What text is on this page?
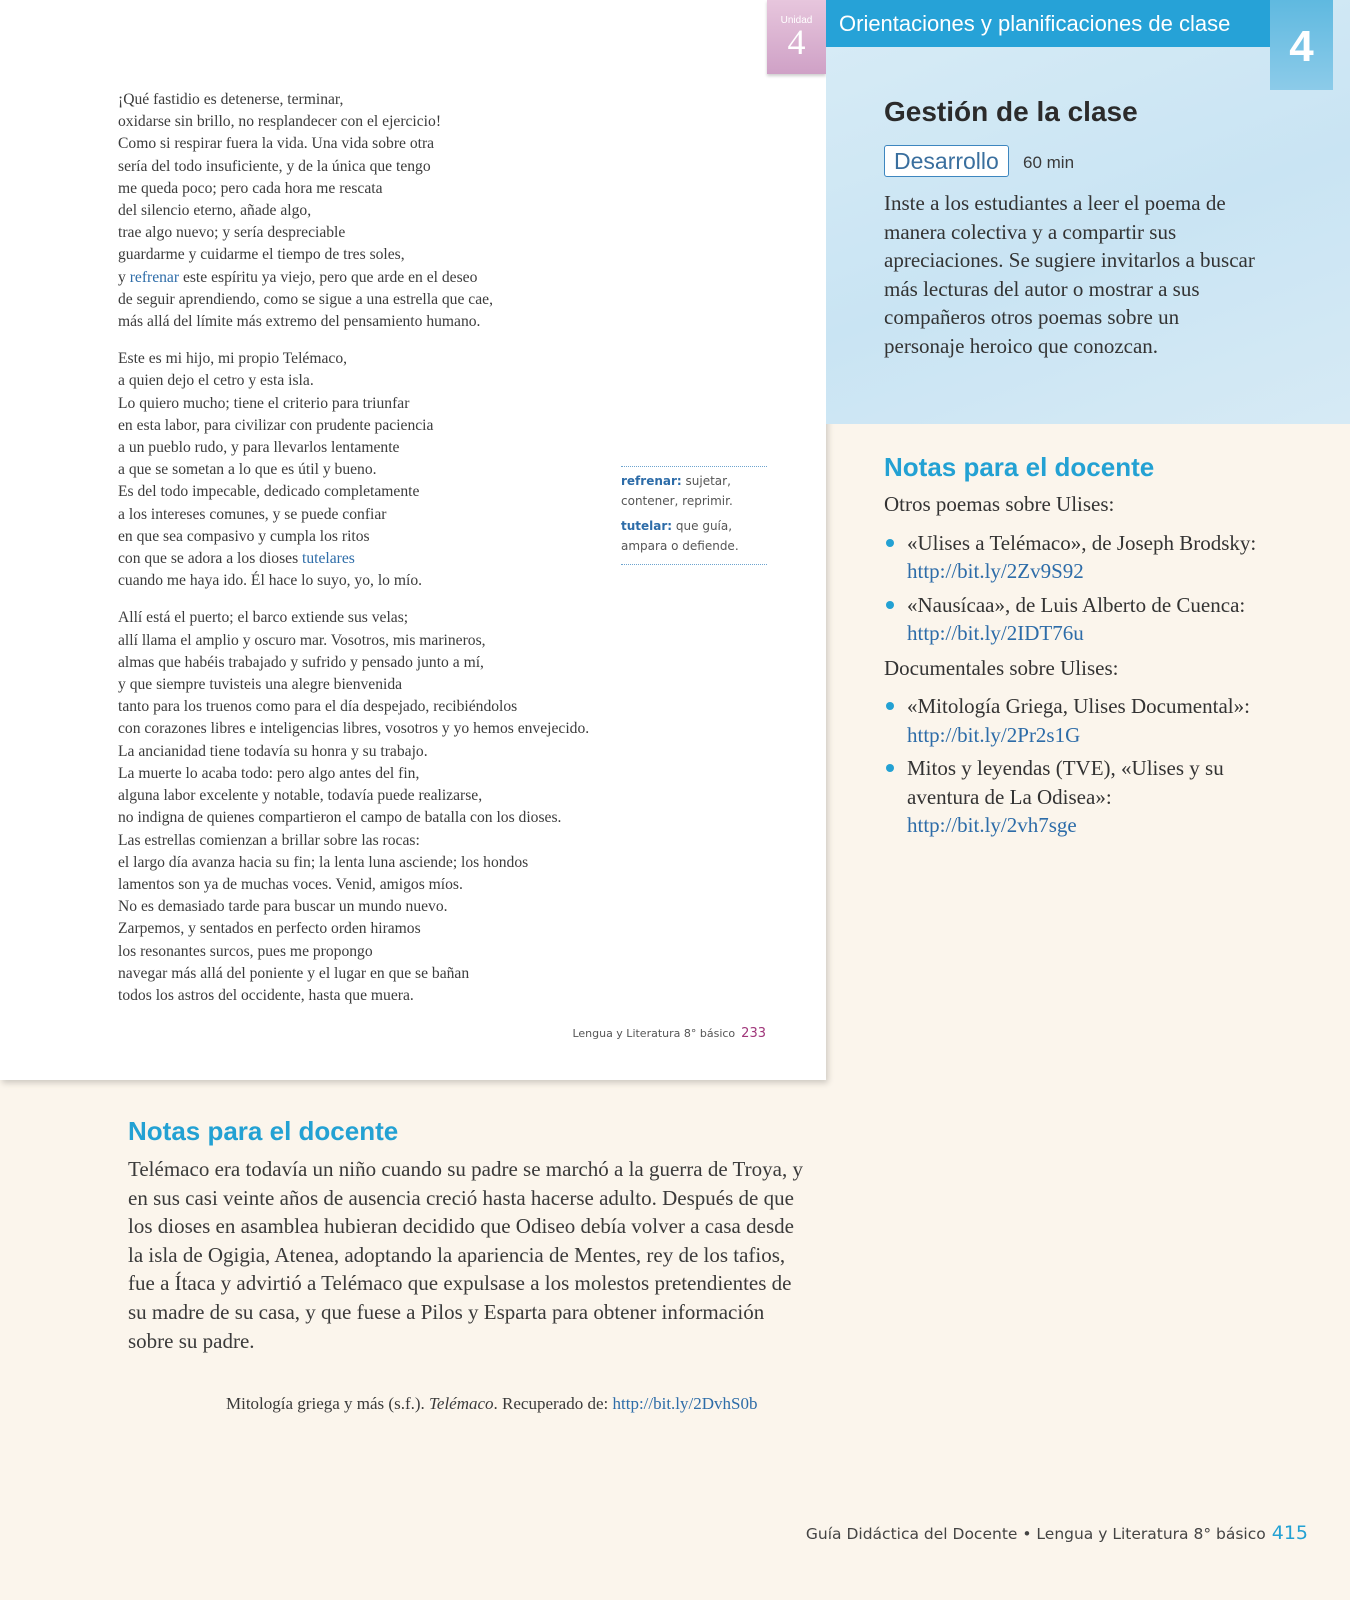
Unidad
4
¡Qué fastidio es detenerse, terminar,
oxidarse sin brillo, no resplandecer con el ejercicio!
Como si respirar fuera la vida. Una vida sobre otra
sería del todo insuficiente, y de la única que tengo
me queda poco; pero cada hora me rescata
del silencio eterno, añade algo,
trae algo nuevo; y sería despreciable
guardarme y cuidarme el tiempo de tres soles,
y refrenar este espíritu ya viejo, pero que arde en el deseo
de seguir aprendiendo, como se sigue a una estrella que cae,
más allá del límite más extremo del pensamiento humano.
Este es mi hijo, mi propio Telémaco,
a quien dejo el cetro y esta isla.
Lo quiero mucho; tiene el criterio para triunfar
en esta labor, para civilizar con prudente paciencia
a un pueblo rudo, y para llevarlos lentamente
a que se sometan a lo que es útil y bueno.
Es del todo impecable, dedicado completamente
a los intereses comunes, y se puede confiar
en que sea compasivo y cumpla los ritos
con que se adora a los dioses tutelares
cuando me haya ido. Él hace lo suyo, yo, lo mío.
Allí está el puerto; el barco extiende sus velas;
allí llama el amplio y oscuro mar. Vosotros, mis marineros,
almas que habéis trabajado y sufrido y pensado junto a mí,
y que siempre tuvisteis una alegre bienvenida
tanto para los truenos como para el día despejado, recibiéndolos
con corazones libres e inteligencias libres, vosotros y yo hemos envejecido.
La ancianidad tiene todavía su honra y su trabajo.
La muerte lo acaba todo: pero algo antes del fin,
alguna labor excelente y notable, todavía puede realizarse,
no indigna de quienes compartieron el campo de batalla con los dioses.
Las estrellas comienzan a brillar sobre las rocas:
el largo día avanza hacia su fin; la lenta luna asciende; los hondos
lamentos son ya de muchas voces. Venid, amigos míos.
No es demasiado tarde para buscar un mundo nuevo.
Zarpemos, y sentados en perfecto orden hiramos
los resonantes surcos, pues me propongo
navegar más allá del poniente y el lugar en que se bañan
todos los astros del occidente, hasta que muera.
refrenar: sujetar, contener, reprimir.
tutelar: que guía, ampara o defiende.
Lengua y Literatura 8° básico 233
Orientaciones y planificaciones de clase	4
Gestión de la clase
Desarrollo	60 min
Inste a los estudiantes a leer el poema de manera colectiva y a compartir sus apreciaciones. Se sugiere invitarlos a buscar más lecturas del autor o mostrar a sus compañeros otros poemas sobre un personaje heroico que conozcan.
Notas para el docente
Otros poemas sobre Ulises:
«Ulises a Telémaco», de Joseph Brodsky: http://bit.ly/2Zv9S92
«Nausícaa», de Luis Alberto de Cuenca: http://bit.ly/2IDT76u
Documentales sobre Ulises:
«Mitología Griega, Ulises Documental»: http://bit.ly/2Pr2s1G
Mitos y leyendas (TVE), «Ulises y su aventura de La Odisea»: http://bit.ly/2vh7sge
Notas para el docente
Telémaco era todavía un niño cuando su padre se marchó a la guerra de Troya, y en sus casi veinte años de ausencia creció hasta hacerse adulto. Después de que los dioses en asamblea hubieran decidido que Odiseo debía volver a casa desde la isla de Ogigia, Atenea, adoptando la apariencia de Mentes, rey de los tafios, fue a Ítaca y advirtió a Telémaco que expulsase a los molestos pretendientes de su madre de su casa, y que fuese a Pilos y Esparta para obtener información sobre su padre.
Mitología griega y más (s.f.). Telémaco. Recuperado de: http://bit.ly/2DvhS0b
Guía Didáctica del Docente • Lengua y Literatura 8° básico 415
